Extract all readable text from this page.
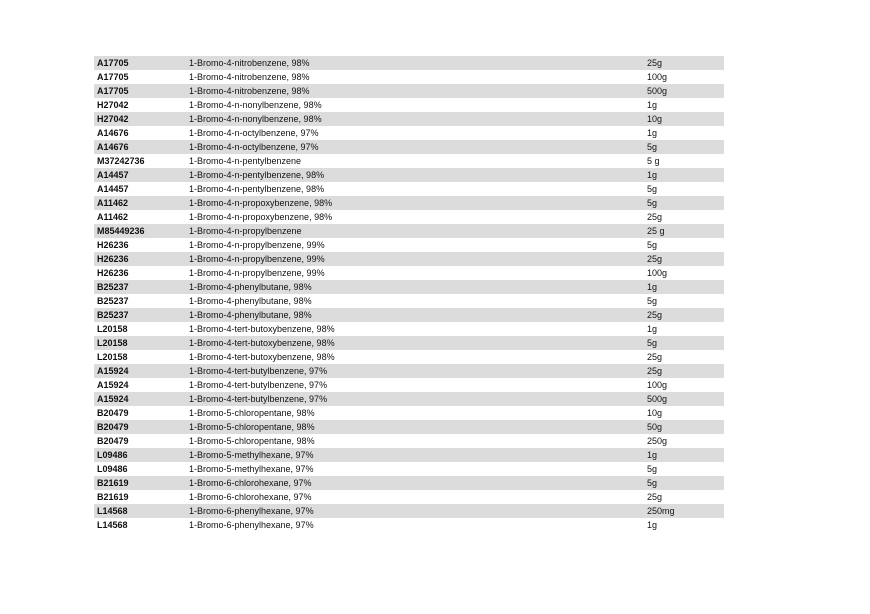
A17705	1-Bromo-4-nitrobenzene, 98%	25g
A17705	1-Bromo-4-nitrobenzene, 98%	100g
A17705	1-Bromo-4-nitrobenzene, 98%	500g
H27042	1-Bromo-4-n-nonylbenzene, 98%	1g
H27042	1-Bromo-4-n-nonylbenzene, 98%	10g
A14676	1-Bromo-4-n-octylbenzene, 97%	1g
A14676	1-Bromo-4-n-octylbenzene, 97%	5g
M37242736	1-Bromo-4-n-pentylbenzene	5 g
A14457	1-Bromo-4-n-pentylbenzene, 98%	1g
A14457	1-Bromo-4-n-pentylbenzene, 98%	5g
A11462	1-Bromo-4-n-propoxybenzene, 98%	5g
A11462	1-Bromo-4-n-propoxybenzene, 98%	25g
M85449236	1-Bromo-4-n-propylbenzene	25 g
H26236	1-Bromo-4-n-propylbenzene, 99%	5g
H26236	1-Bromo-4-n-propylbenzene, 99%	25g
H26236	1-Bromo-4-n-propylbenzene, 99%	100g
B25237	1-Bromo-4-phenylbutane, 98%	1g
B25237	1-Bromo-4-phenylbutane, 98%	5g
B25237	1-Bromo-4-phenylbutane, 98%	25g
L20158	1-Bromo-4-tert-butoxybenzene, 98%	1g
L20158	1-Bromo-4-tert-butoxybenzene, 98%	5g
L20158	1-Bromo-4-tert-butoxybenzene, 98%	25g
A15924	1-Bromo-4-tert-butylbenzene, 97%	25g
A15924	1-Bromo-4-tert-butylbenzene, 97%	100g
A15924	1-Bromo-4-tert-butylbenzene, 97%	500g
B20479	1-Bromo-5-chloropentane, 98%	10g
B20479	1-Bromo-5-chloropentane, 98%	50g
B20479	1-Bromo-5-chloropentane, 98%	250g
L09486	1-Bromo-5-methylhexane, 97%	1g
L09486	1-Bromo-5-methylhexane, 97%	5g
B21619	1-Bromo-6-chlorohexane, 97%	5g
B21619	1-Bromo-6-chlorohexane, 97%	25g
L14568	1-Bromo-6-phenylhexane, 97%	250mg
L14568	1-Bromo-6-phenylhexane, 97%	1g
